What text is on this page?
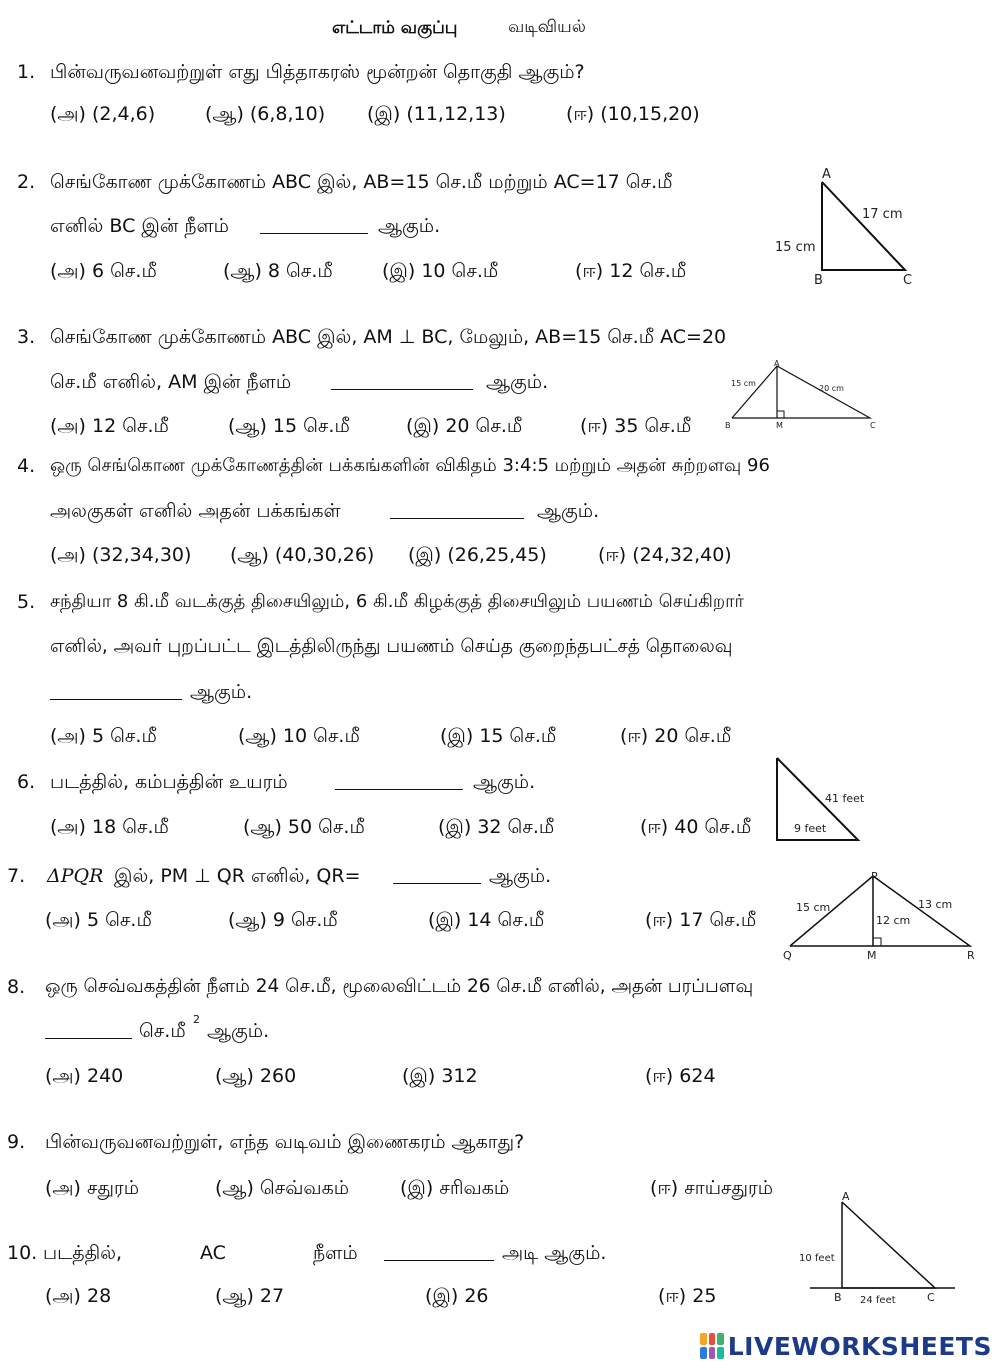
எட்டாம் வகுப்பு	வடிவியல்
1. பின்வருவனவற்றுள் எது பித்தாகரஸ் மூன்றன் தொகுதி ஆகும்?
(அ) (2,4,6)	(ஆ) (6,8,10) (இ) (11,12,13)	(ஈ) (10,15,20)
2. செங்கோண முக்கோணம் ABC இல், AB=15 செ.மீ மற்றும் AC=17 செ.மீ
எனில் BC இன் நீளம்	ஆகும்.
(அ) 6 செ.மீ	(ஆ) 8 செ.மீ	(இ) 10 செ.மீ	(ஈ) 12 செ.மீ
A
B	C
15 cm
17 cm
3. செங்கோண முக்கோணம் ABC இல், AM ⊥ BC, மேலும், AB=15 செ.மீ AC=20
செ.மீ எனில், AM இன் நீளம்	ஆகும்.
(அ) 12 செ.மீ	(ஆ) 15 செ.மீ	(இ) 20 செ.மீ	(ஈ) 35 செ.மீ
A
B	M	C
15 cm
20 cm
4. ஒரு செங்கொண முக்கோணத்தின் பக்கங்களின் விகிதம் 3:4:5 மற்றும் அதன் சுற்றளவு 96
அலகுகள் எனில் அதன் பக்கங்கள்	ஆகும்.
(அ) (32,34,30) (ஆ) (40,30,26) (இ) (26,25,45)	(ஈ) (24,32,40)
5. சந்தியா 8 கி.மீ வடக்குத் திசையிலும், 6 கி.மீ கிழக்குத் திசையிலும் பயணம் செய்கிறார்
எனில், அவர் புறப்பட்ட இடத்திலிருந்து பயணம் செய்த குறைந்தபட்சத் தொலைவு
ஆகும்.
(அ) 5 செ.மீ	(ஆ) 10 செ.மீ	(இ) 15 செ.மீ	(ஈ) 20 செ.மீ
6. படத்தில், கம்பத்தின் உயரம்	ஆகும்.
(அ) 18 செ.மீ	(ஆ) 50 செ.மீ	(இ) 32 செ.மீ	(ஈ) 40 செ.மீ
41 feet
9 feet
7. ΔPQR இல், PM ⊥ QR எனில், QR=	ஆகும்.
(அ) 5 செ.மீ	(ஆ) 9 செ.மீ	(இ) 14 செ.மீ	(ஈ) 17 செ.மீ
P
Q	M	R
15 cm
12 cm
13 cm
8. ஒரு செவ்வகத்தின் நீளம் 24 செ.மீ, மூலைவிட்டம் 26 செ.மீ எனில், அதன் பரப்பளவு
செ.மீ
2
ஆகும்.
(அ) 240	(ஆ) 260	(இ) 312	(ஈ) 624
9. பின்வருவனவற்றுள், எந்த வடிவம் இணைகரம் ஆகாது?
(அ) சதுரம்	(ஆ) செவ்வகம்	(இ) சரிவகம்	(ஈ) சாய்சதுரம்
10. படத்தில்,	AC	நீளம்	அடி ஆகும்.
(அ) 28	(ஆ) 27	(இ) 26	(ஈ) 25
A
B	C
10 feet
24 feet
LIVEWORKSHEETS
